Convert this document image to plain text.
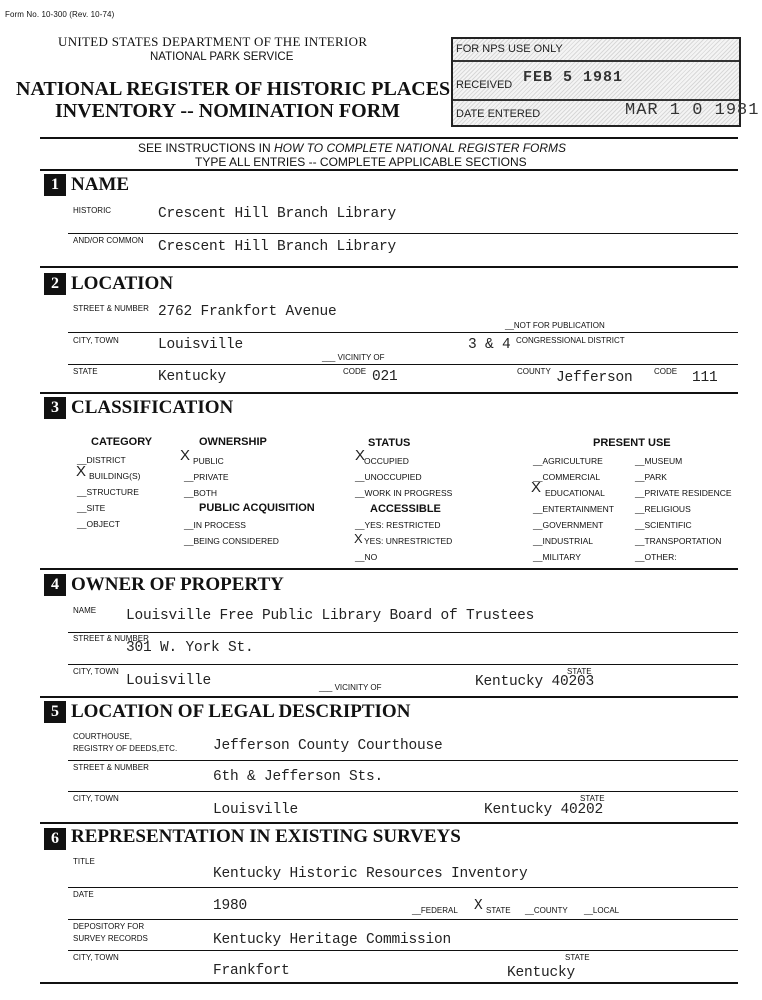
Form No. 10-300 (Rev. 10-74)
UNITED STATES DEPARTMENT OF THE INTERIOR
NATIONAL PARK SERVICE
NATIONAL REGISTER OF HISTORIC PLACES
INVENTORY -- NOMINATION FORM
FOR NPS USE ONLY
RECEIVED FEB 5 1981
DATE ENTERED	MAR 1 0 1981
SEE INSTRUCTIONS IN HOW TO COMPLETE NATIONAL REGISTER FORMS
TYPE ALL ENTRIES -- COMPLETE APPLICABLE SECTIONS
1 NAME
HISTORIC	Crescent Hill Branch Library
AND/OR COMMON Crescent Hill Branch Library
2 LOCATION
STREET & NUMBER 2762 Frankfort Avenue
__NOT FOR PUBLICATION
CITY, TOWN	Louisville
___ VICINITY OF
3 & 4 CONGRESSIONAL DISTRICT
STATE	Kentucky	CODE 021	COUNTY Jefferson	CODE 111
3 CLASSIFICATION
CATEGORY
__DISTRICT
X BUILDING(S)
__STRUCTURE
__SITE
__OBJECT
OWNERSHIP
X PUBLIC
__PRIVATE
__BOTH
PUBLIC ACQUISITION
__IN PROCESS
__BEING CONSIDERED
STATUS
X OCCUPIED
__UNOCCUPIED
__WORK IN PROGRESS
ACCESSIBLE
__YES: RESTRICTED
X YES: UNRESTRICTED
__NO
PRESENT USE
__AGRICULTURE
__COMMERCIAL
X EDUCATIONAL
__ENTERTAINMENT
__GOVERNMENT
__INDUSTRIAL
__MILITARY
__MUSEUM
__PARK
__PRIVATE RESIDENCE
__RELIGIOUS
__SCIENTIFIC
__TRANSPORTATION
__OTHER:
4 OWNER OF PROPERTY
NAME Louisville Free Public Library Board of Trustees
STREET & NUMBER
301 W. York St.
CITY, TOWN
Louisville	___ VICINITY OF
STATE
Kentucky 40203
5 LOCATION OF LEGAL DESCRIPTION
COURTHOUSE,
REGISTRY OF DEEDS,ETC. Jefferson County Courthouse
STREET & NUMBER
6th & Jefferson Sts.
CITY, TOWN
Louisville
STATE
Kentucky 40202
6 REPRESENTATION IN EXISTING SURVEYS
TITLE
Kentucky Historic Resources Inventory
DATE
1980	__FEDERAL X STATE __COUNTY __LOCAL
DEPOSITORY FOR
SURVEY RECORDS	Kentucky Heritage Commission
CITY, TOWN
Frankfort
STATE
Kentucky
